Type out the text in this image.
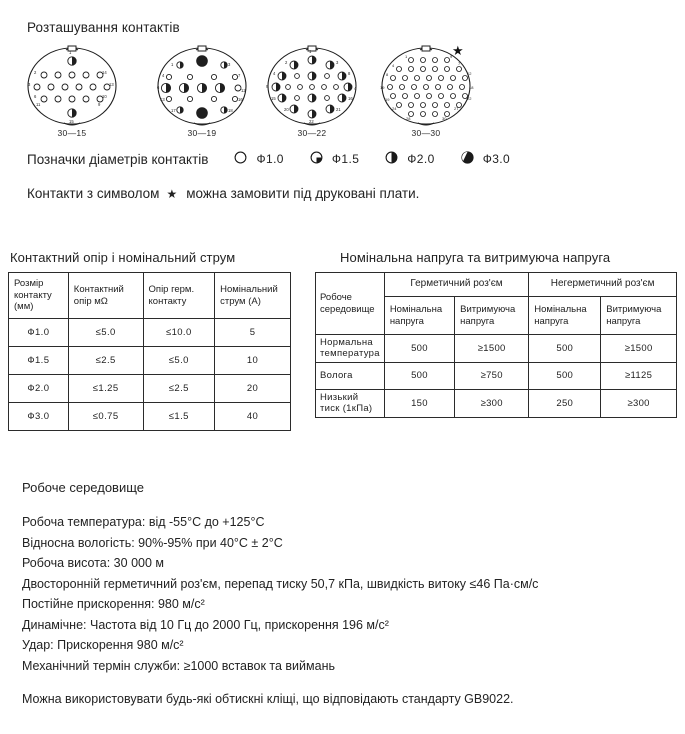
Розташування контактів
1
2	14
3	13
6	10
11	9
15
30—15
1	3
4	7
6
12
13	16
17	18
30—19
1
2	3
4	8
9	4
15	16
20	21
22
30—22
1	9
4	7
8	12
19	18
19	22
24	27
28	30
30—30
★
Позначки діаметрів контактів	Ф1.0	Ф1.5	Ф2.0	Ф3.0
Контакти з символом ★ можна замовити під друковані плати.
Контактний опір і номінальний струм	Номінальна напруга та витримуюча напруга
Розмір контакту (мм)	Контактний опір мΩ	Опір герм. контакту	Номінальний струм (А)
Ф1.0	≤5.0	≤10.0	5
Ф1.5	≤2.5	≤5.0	10
Ф2.0	≤1.25	≤2.5	20
Ф3.0	≤0.75	≤1.5	40
Робоче середовище	Герметичний роз'єм		Негерметичний роз'єм	
	Номінальна напруга	Витримуюча напруга	Номінальна напруга	Витримуюча напруга
Нормальна температура	500	≥1500	500	≥1500
Волога	500	≥750	500	≥1125
Низький тиск (1кПа)	150	≥300	250	≥300
Робоче середовище
Робоча температура: від -55°C до +125°C
Відносна вологість: 90%-95% при 40°C ± 2°C
Робоча висота: 30 000 м
Двосторонній герметичний роз'єм, перепад тиску 50,7 кПа, швидкість витоку ≤46 Па·см/с
Постійне прискорення: 980 м/с²
Динамічне: Частота від 10 Гц до 2000 Гц, прискорення 196 м/с²
Удар: Прискорення 980 м/с²
Механічний термін служби: ≥1000 вставок та виймань
Можна використовувати будь-які обтискні кліщі, що відповідають стандарту GB9022.
